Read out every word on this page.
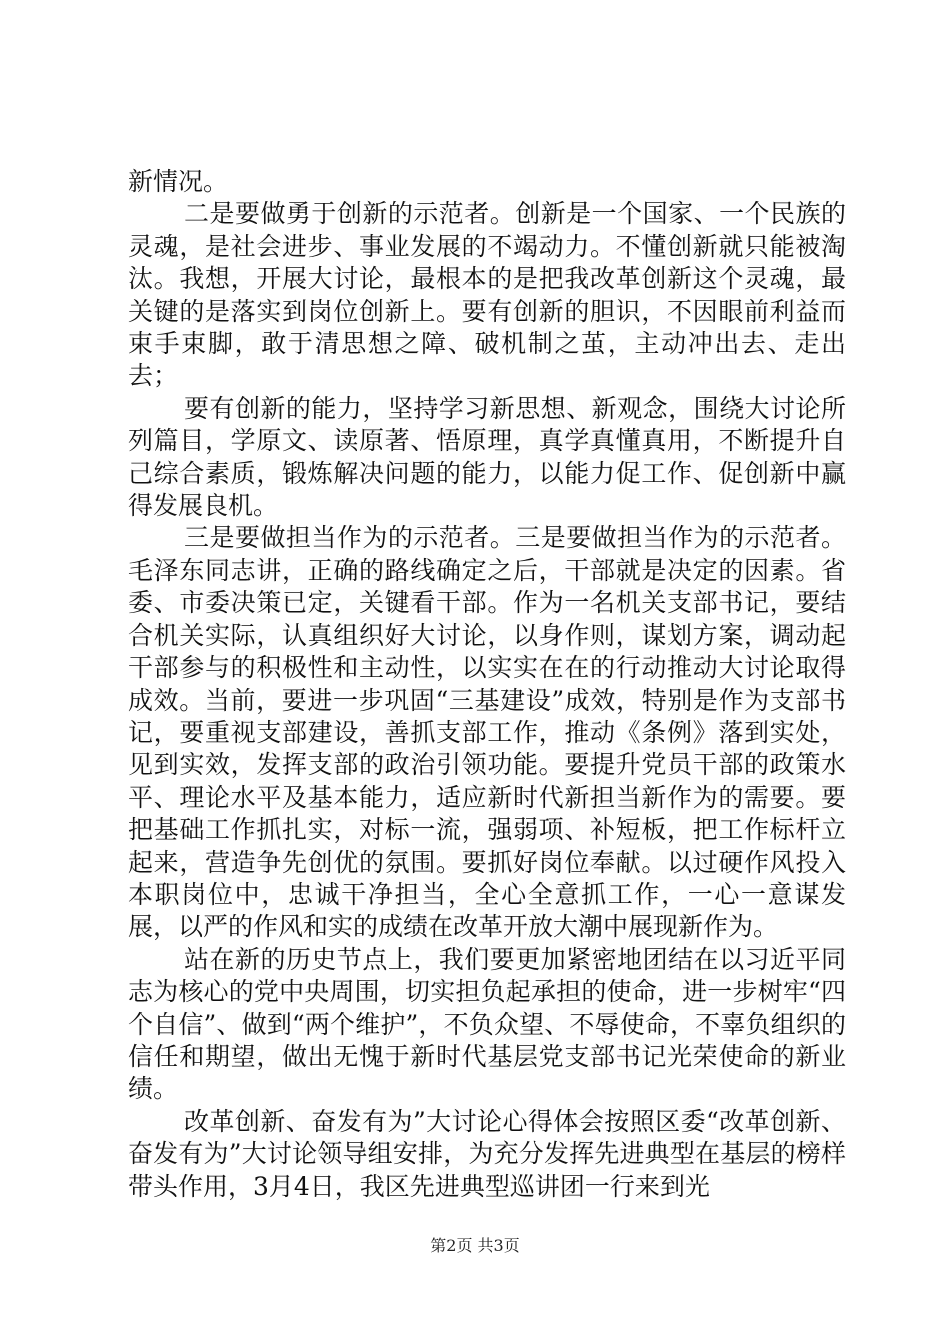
新情况。

二是要做勇于创新的示范者。创新是一个国家、一个民族的灵魂，是社会进步、事业发展的不竭动力。不懂创新就只能被淘汰。我想，开展大讨论，最根本的是把我改革创新这个灵魂，最关键的是落实到岗位创新上。要有创新的胆识，不因眼前利益而束手束脚，敢于清思想之障、破机制之茧，主动冲出去、走出去；

要有创新的能力，坚持学习新思想、新观念，围绕大讨论所列篇目，学原文、读原著、悟原理，真学真懂真用，不断提升自己综合素质，锻炼解决问题的能力，以能力促工作、促创新中赢得发展良机。

三是要做担当作为的示范者。三是要做担当作为的示范者。毛泽东同志讲，正确的路线确定之后，干部就是决定的因素。省委、市委决策已定，关键看干部。作为一名机关支部书记，要结合机关实际，认真组织好大讨论，以身作则，谋划方案，调动起干部参与的积极性和主动性，以实实在在的行动推动大讨论取得成效。当前，要进一步巩固“三基建设”成效，特别是作为支部书记，要重视支部建设，善抓支部工作，推动《条例》落到实处，见到实效，发挥支部的政治引领功能。要提升党员干部的政策水平、理论水平及基本能力，适应新时代新担当新作为的需要。要把基础工作抓扎实，对标一流，强弱项、补短板，把工作标杆立起来，营造争先创优的氛围。要抓好岗位奉献。以过硬作风投入本职岗位中，忠诚干净担当，全心全意抓工作，一心一意谋发展，以严的作风和实的成绩在改革开放大潮中展现新作为。

站在新的历史节点上，我们要更加紧密地团结在以习近平同志为核心的党中央周围，切实担负起承担的使命，进一步树牢“四个自信”、做到“两个维护”，不负众望、不辱使命，不辜负组织的信任和期望，做出无愧于新时代基层党支部书记光荣使命的新业绩。

改革创新、奋发有为”大讨论心得体会按照区委“改革创新、奋发有为”大讨论领导组安排，为充分发挥先进典型在基层的榜样带头作用，3月4日，我区先进典型巡讲团一行来到光

第2页 共3页
